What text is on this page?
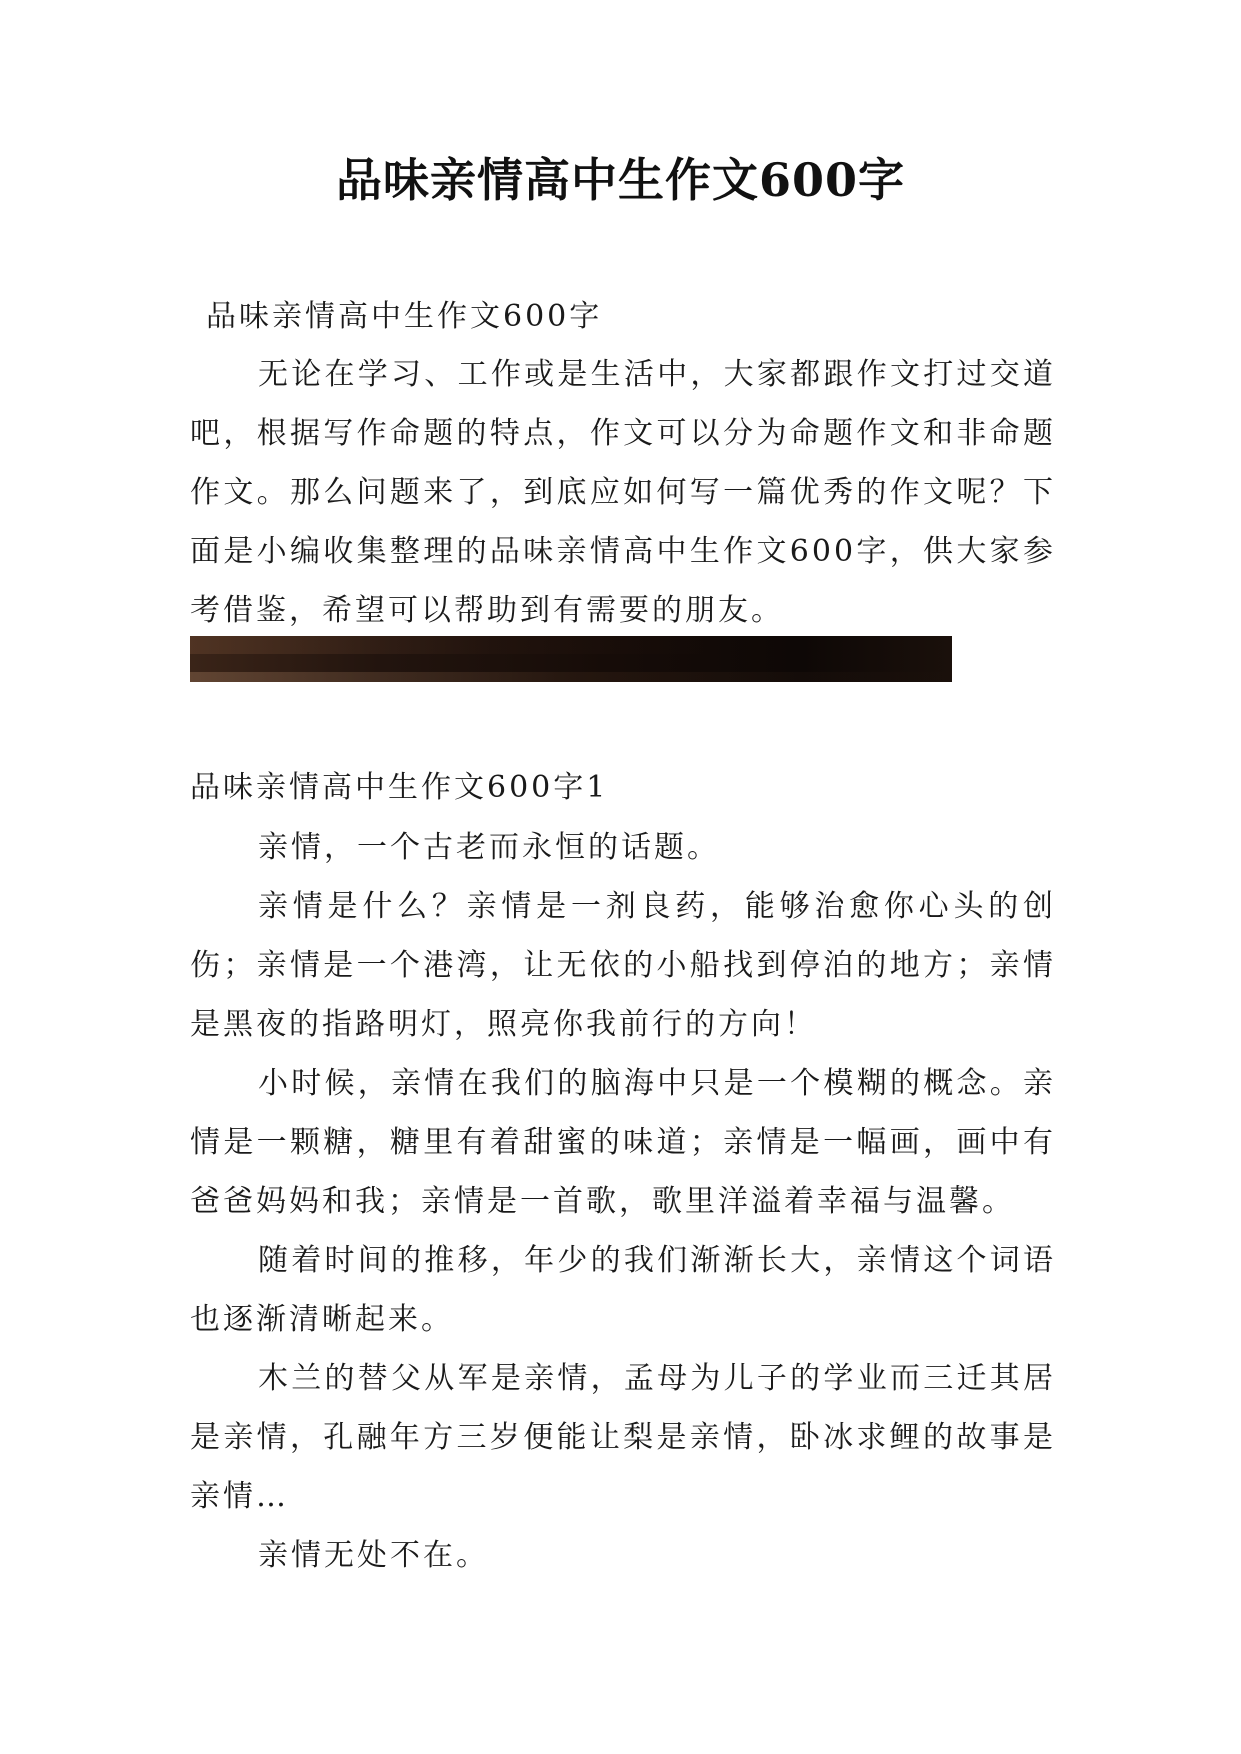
品味亲情高中生作文600字

品味亲情高中生作文600字

无论在学习、工作或是生活中，大家都跟作文打过交道吧，根据写作命题的特点，作文可以分为命题作文和非命题作文。那么问题来了，到底应如何写一篇优秀的作文呢？下面是小编收集整理的品味亲情高中生作文600字，供大家参考借鉴，希望可以帮助到有需要的朋友。

品味亲情高中生作文600字1

亲情，一个古老而永恒的话题。

亲情是什么？亲情是一剂良药，能够治愈你心头的创伤；亲情是一个港湾，让无依的小船找到停泊的地方；亲情是黑夜的指路明灯，照亮你我前行的方向！

小时候，亲情在我们的脑海中只是一个模糊的概念。亲情是一颗糖，糖里有着甜蜜的味道；亲情是一幅画，画中有爸爸妈妈和我；亲情是一首歌，歌里洋溢着幸福与温馨。

随着时间的推移，年少的我们渐渐长大，亲情这个词语也逐渐清晰起来。

木兰的替父从军是亲情，孟母为儿子的学业而三迁其居是亲情，孔融年方三岁便能让梨是亲情，卧冰求鲤的故事是亲情…

亲情无处不在。
